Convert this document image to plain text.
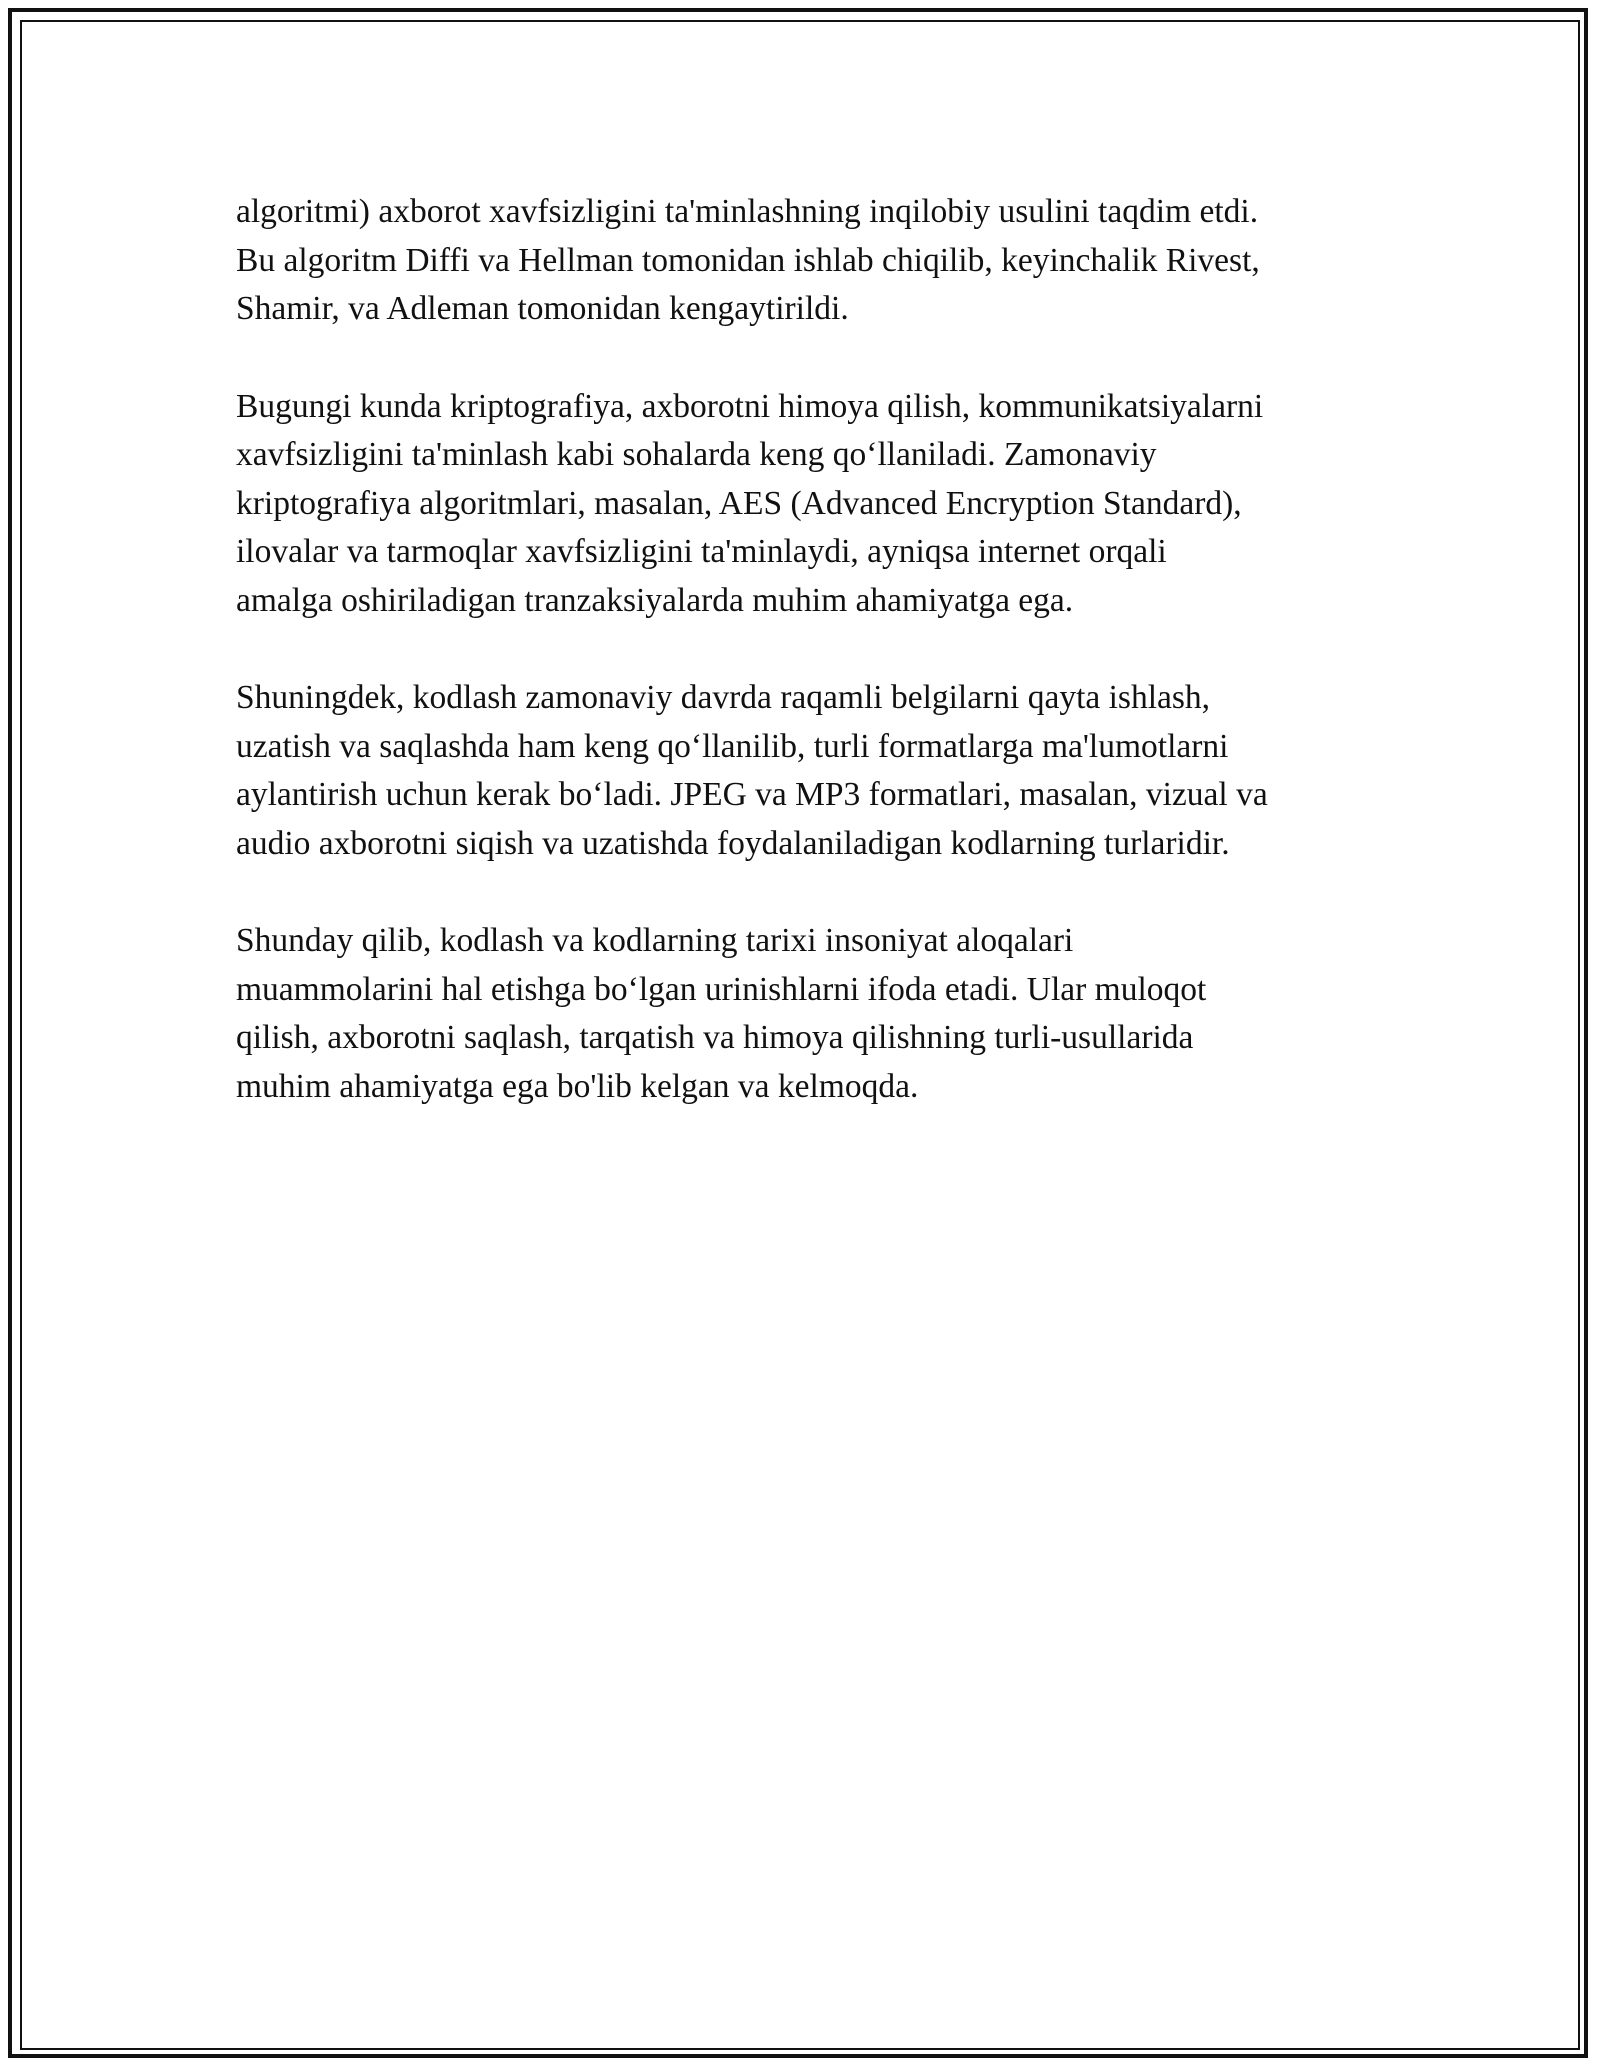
algoritmi) axborot xavfsizligini ta'minlashning inqilobiy usulini taqdim etdi.
Bu algoritm Diffi va Hellman tomonidan ishlab chiqilib, keyinchalik Rivest,
Shamir, va Adleman tomonidan kengaytirildi.

Bugungi kunda kriptografiya, axborotni himoya qilish, kommunikatsiyalarni
xavfsizligini ta'minlash kabi sohalarda keng qo‘llaniladi. Zamonaviy
kriptografiya algoritmlari, masalan, AES (Advanced Encryption Standard),
ilovalar va tarmoqlar xavfsizligini ta'minlaydi, ayniqsa internet orqali
amalga oshiriladigan tranzaksiyalarda muhim ahamiyatga ega.

Shuningdek, kodlash zamonaviy davrda raqamli belgilarni qayta ishlash,
uzatish va saqlashda ham keng qo‘llanilib, turli formatlarga ma'lumotlarni
aylantirish uchun kerak bo‘ladi. JPEG va MP3 formatlari, masalan, vizual va
audio axborotni siqish va uzatishda foydalaniladigan kodlarning turlaridir.

Shunday qilib, kodlash va kodlarning tarixi insoniyat aloqalari
muammolarini hal etishga bo‘lgan urinishlarni ifoda etadi. Ular muloqot
qilish, axborotni saqlash, tarqatish va himoya qilishning turli-usullarida
muhim ahamiyatga ega bo'lib kelgan va kelmoqda.
